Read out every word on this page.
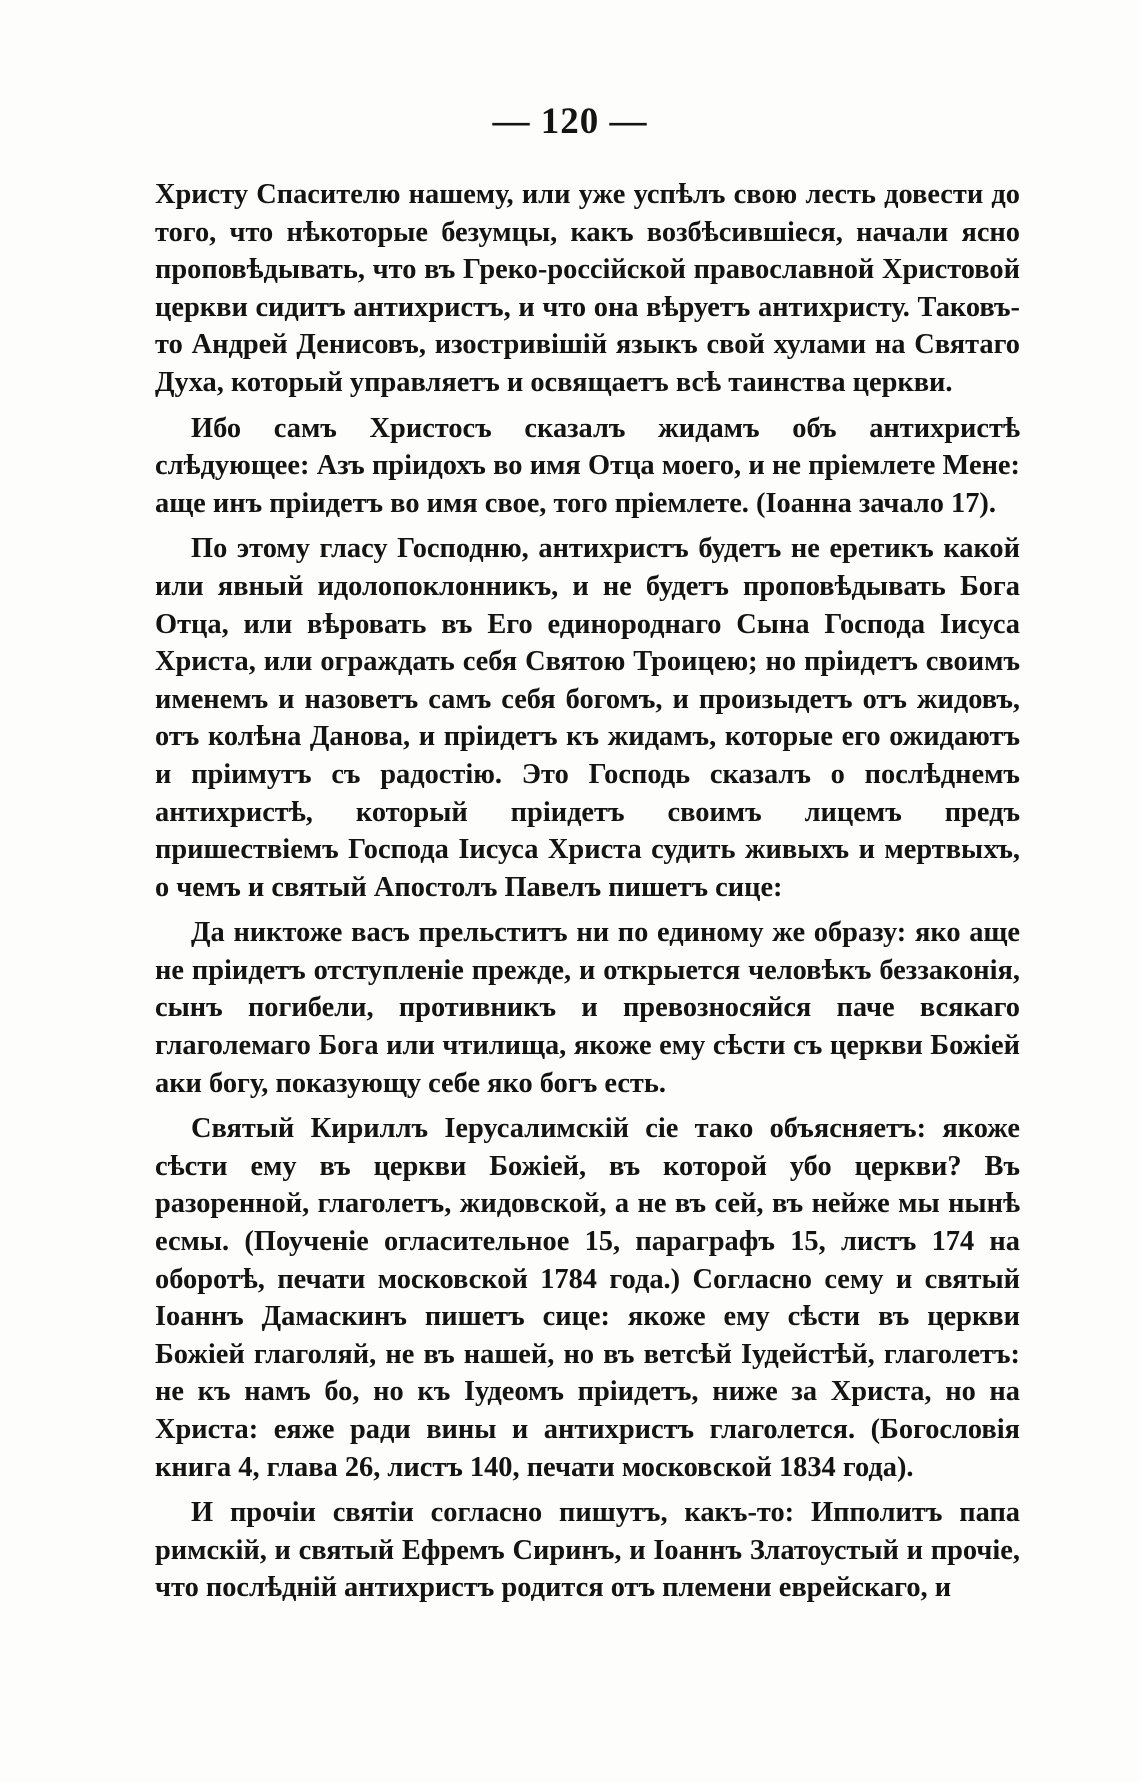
— 120 —

Христу Спасителю нашему, или уже успѣлъ свою лесть довести до того, что нѣкоторые безумцы, какъ возбѣсившіеся, начали ясно проповѣдывать, что въ Греко-россійской православной Христовой церкви сидитъ антихристъ, и что она вѣруетъ антихристу. Таковъ-то Андрей Денисовъ, изостривішій языкъ свой хулами на Святаго Духа, который управляетъ и освящаетъ всѣ таинства церкви.

Ибо самъ Христосъ сказалъ жидамъ объ антихристѣ слѣдующее: Азъ пріидохъ во имя Отца моего, и не пріемлете Мене: аще инъ пріидетъ во имя свое, того пріемлете. (Іоанна зачало 17).

По этому гласу Господню, антихристъ будетъ не еретикъ какой или явный идолопоклонникъ, и не будетъ проповѣдывать Бога Отца, или вѣровать въ Его единороднаго Сына Господа Іисуса Христа, или ограждать себя Святою Троицею; но пріидетъ своимъ именемъ и назоветъ самъ себя богомъ, и произыдетъ отъ жидовъ, отъ колѣна Данова, и пріидетъ къ жидамъ, которые его ожидаютъ и пріимутъ съ радостію. Это Господь сказалъ о послѣднемъ антихристѣ, который пріидетъ своимъ лицемъ предъ пришествіемъ Господа Іисуса Христа судить живыхъ и мертвыхъ, о чемъ и святый Апостолъ Павелъ пишетъ сице:

Да никтоже васъ прельститъ ни по единому же образу: яко аще не пріидетъ отступленіе прежде, и открыется человѣкъ беззаконія, сынъ погибели, противникъ и превозносяйся паче всякаго глаголемаго Бога или чтилища, якоже ему сѣсти съ церкви Божіей аки богу, показующу себе яко богъ есть.

Святый Кириллъ Іерусалимскій сіе тако объясняетъ: якоже сѣсти ему въ церкви Божіей, въ которой убо церкви? Въ разоренной, глаголетъ, жидовской, а не въ сей, въ нейже мы нынѣ есмы. (Поученіе огласительное 15, параграфъ 15, листъ 174 на оборотѣ, печати московской 1784 года.) Согласно сему и святый Іоаннъ Дамаскинъ пишетъ сице: якоже ему сѣсти въ церкви Божіей глаголяй, не въ нашей, но въ ветсѣй Іудейстѣй, глаголетъ: не къ намъ бо, но къ Іудеомъ пріидетъ, ниже за Христа, но на Христа: еяже ради вины и антихристъ глаголется. (Богословія книга 4, глава 26, листъ 140, печати московской 1834 года).

И прочіи святіи согласно пишутъ, какъ-то: Ипполитъ папа римскій, и святый Ефремъ Сиринъ, и Іоаннъ Златоустый и прочіе, что послѣдній антихристъ родится отъ племени еврейскаго, и
